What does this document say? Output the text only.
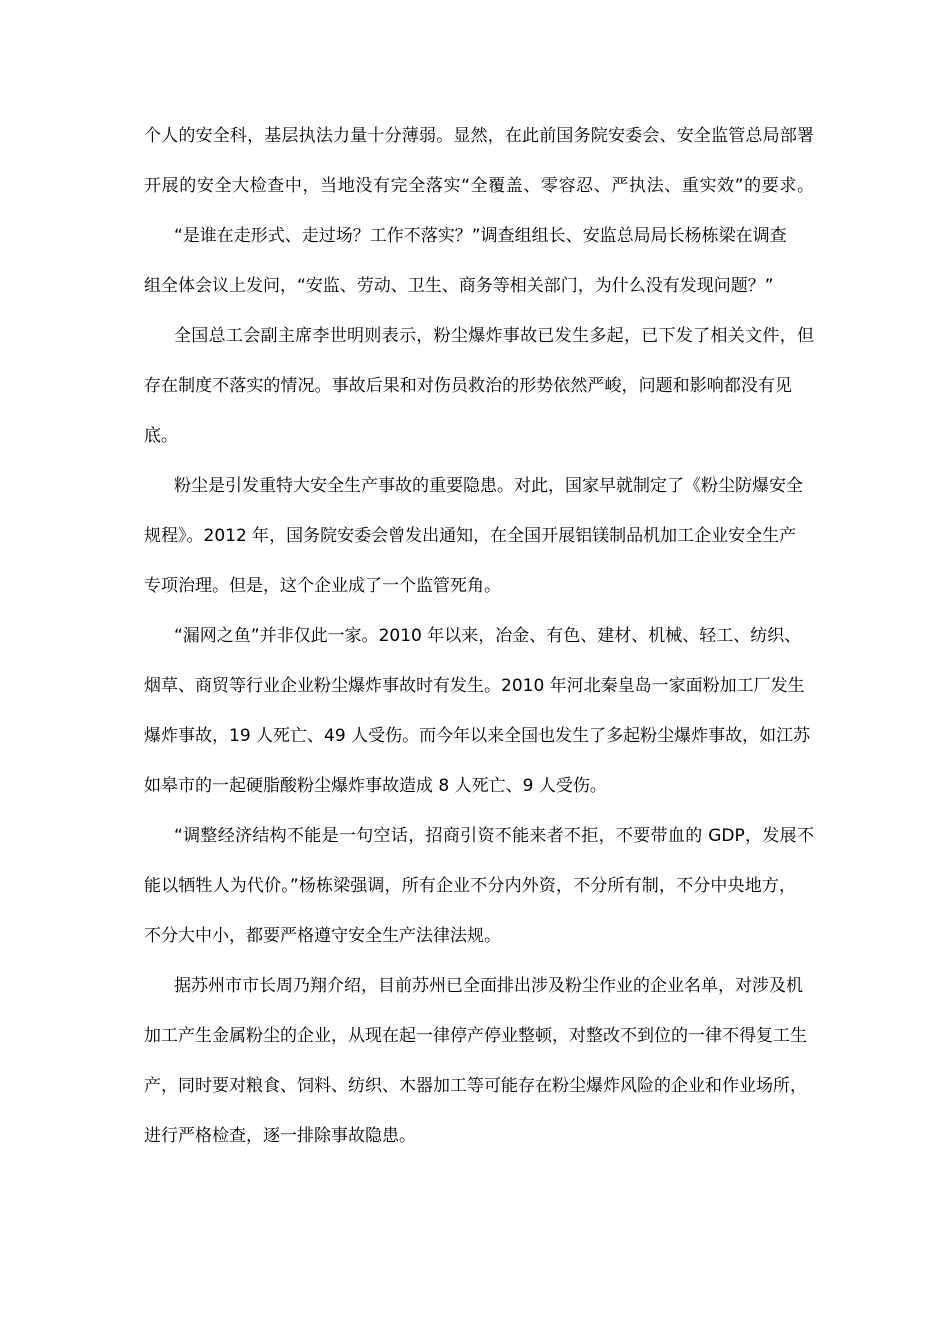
个人的安全科，基层执法力量十分薄弱。显然，在此前国务院安委会、安全监管总局部署
开展的安全大检查中，当地没有完全落实“全覆盖、零容忍、严执法、重实效”的要求。
“是谁在走形式、走过场？工作不落实？”调查组组长、安监总局局长杨栋梁在调查
组全体会议上发问，“安监、劳动、卫生、商务等相关部门，为什么没有发现问题？”
全国总工会副主席李世明则表示，粉尘爆炸事故已发生多起，已下发了相关文件，但
存在制度不落实的情况。事故后果和对伤员救治的形势依然严峻，问题和影响都没有见
底。
粉尘是引发重特大安全生产事故的重要隐患。对此，国家早就制定了《粉尘防爆安全
规程》。2012 年，国务院安委会曾发出通知，在全国开展铝镁制品机加工企业安全生产
专项治理。但是，这个企业成了一个监管死角。
“漏网之鱼”并非仅此一家。2010 年以来，冶金、有色、建材、机械、轻工、纺织、
烟草、商贸等行业企业粉尘爆炸事故时有发生。2010 年河北秦皇岛一家面粉加工厂发生
爆炸事故，19 人死亡、49 人受伤。而今年以来全国也发生了多起粉尘爆炸事故，如江苏
如皋市的一起硬脂酸粉尘爆炸事故造成 8 人死亡、9 人受伤。
“调整经济结构不能是一句空话，招商引资不能来者不拒，不要带血的 GDP，发展不
能以牺牲人为代价。”杨栋梁强调，所有企业不分内外资，不分所有制，不分中央地方，
不分大中小，都要严格遵守安全生产法律法规。
据苏州市市长周乃翔介绍，目前苏州已全面排出涉及粉尘作业的企业名单，对涉及机
加工产生金属粉尘的企业，从现在起一律停产停业整顿，对整改不到位的一律不得复工生
产，同时要对粮食、饲料、纺织、木器加工等可能存在粉尘爆炸风险的企业和作业场所，
进行严格检查，逐一排除事故隐患。
